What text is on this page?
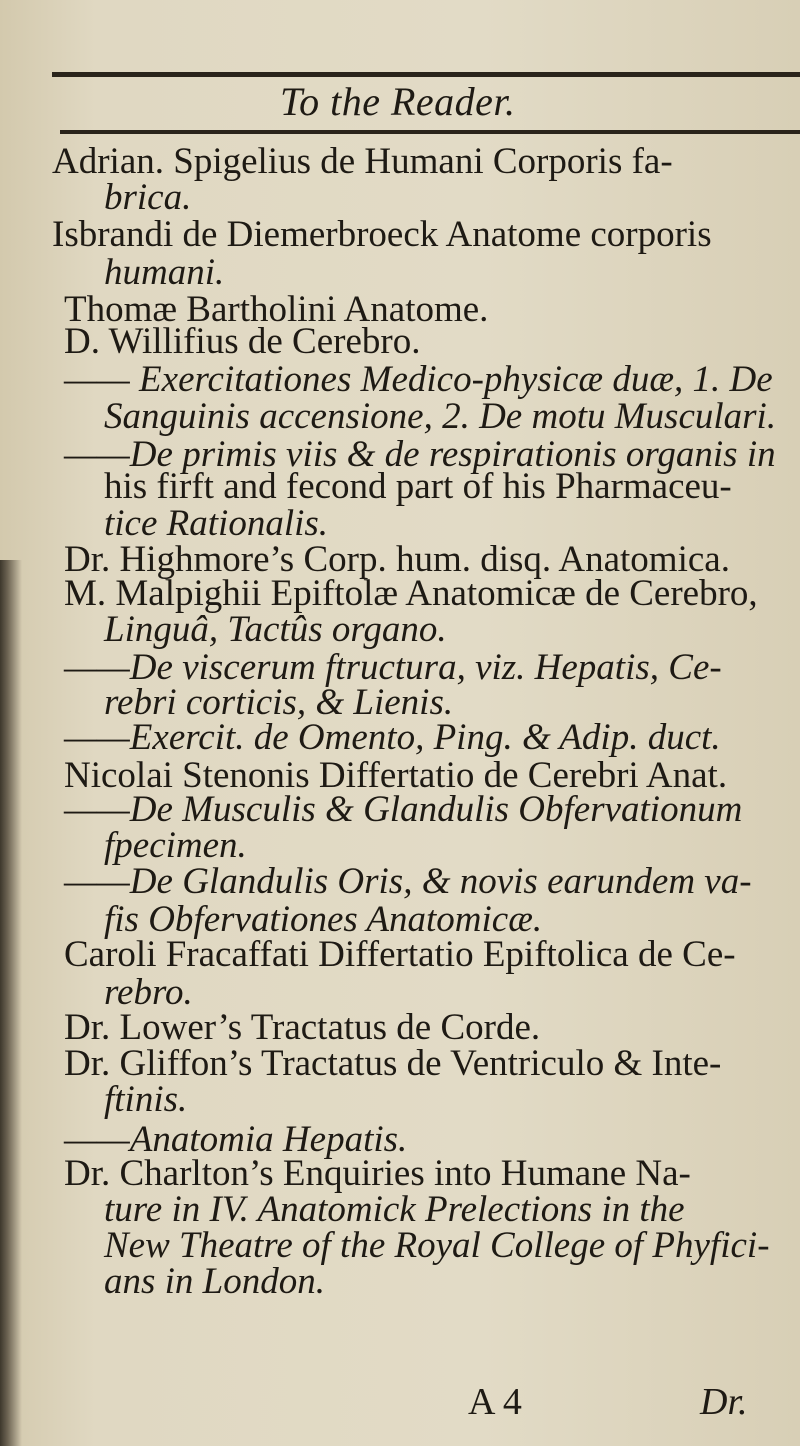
To the Reader.
Adrian. Spigelius de Humani Corporis fa-
brica.
Isbrandi de Diemerbroeck Anatome corporis
humani.
Thomæ Bartholini Anatome.
D. Willifius de Cerebro.
—— Exercitationes Medico-physicæ duæ, 1. De
Sanguinis accensione, 2. De motu Musculari.
——De primis viis & de respirationis organis in
his firft and fecond part of his Pharmaceu-
tice Rationalis.
Dr. Highmore’s Corp. hum. disq. Anatomica.
M. Malpighii Epiftolæ Anatomicæ de Cerebro,
Linguâ, Tactûs organo.
——De viscerum ftructura, viz. Hepatis, Ce-
rebri corticis, & Lienis.
——Exercit. de Omento, Ping. & Adip. duct.
Nicolai Stenonis Differtatio de Cerebri Anat.
——De Musculis & Glandulis Obfervationum
fpecimen.
——De Glandulis Oris, & novis earundem va-
fis Obfervationes Anatomicæ.
Caroli Fracaffati Differtatio Epiftolica de Ce-
rebro.
Dr. Lower’s Tractatus de Corde.
Dr. Gliffon’s Tractatus de Ventriculo & Inte-
ftinis.
——Anatomia Hepatis.
Dr. Charlton’s Enquiries into Humane Na-
ture in IV. Anatomick Prelections in the
New Theatre of the Royal College of Phyfici-
ans in London.
A 4	Dr.
